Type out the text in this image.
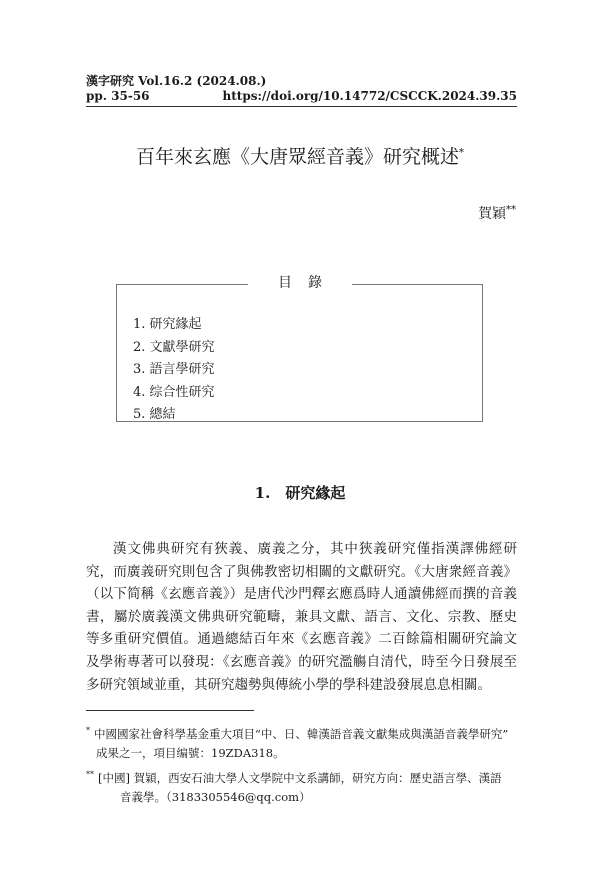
漢字研究 Vol.16.2 (2024.08.)
pp. 35-56	https://doi.org/10.14772/CSCCK.2024.39.35
百年來玄應《大唐眾經音義》研究概述*
賀穎**
目錄
1. 研究緣起
2. 文獻學研究
3. 語言學研究
4. 综合性研究
5. 總結
1.　研究緣起

漢文佛典研究有狹義、廣義之分，其中狹義研究僅指漢譯佛經研究，而廣義研究則包含了與佛教密切相關的文獻研究。《大唐衆經音義》（以下简稱《玄應音義》）是唐代沙門釋玄應爲時人通讀佛經而撰的音義書，屬於廣義漢文佛典研究範疇，兼具文獻、語言、文化、宗教、歷史等多重研究價值。通過總結百年來《玄應音義》二百餘篇相關研究論文及學術專著可以發現：《玄應音義》的研究濫觴自清代，時至今日發展至多研究領域並重，其研究趨勢與傳統小學的學科建設發展息息相關。

* 中國國家社會科學基金重大項目“中、日、韓漢語音義文獻集成與漢語音義學研究”
成果之一，項目编號：19ZDA318。
** [中國] 賀穎，西安石油大學人文學院中文系講師，研究方向：歷史語言學、漢語
音義學。（3183305546@qq.com）
